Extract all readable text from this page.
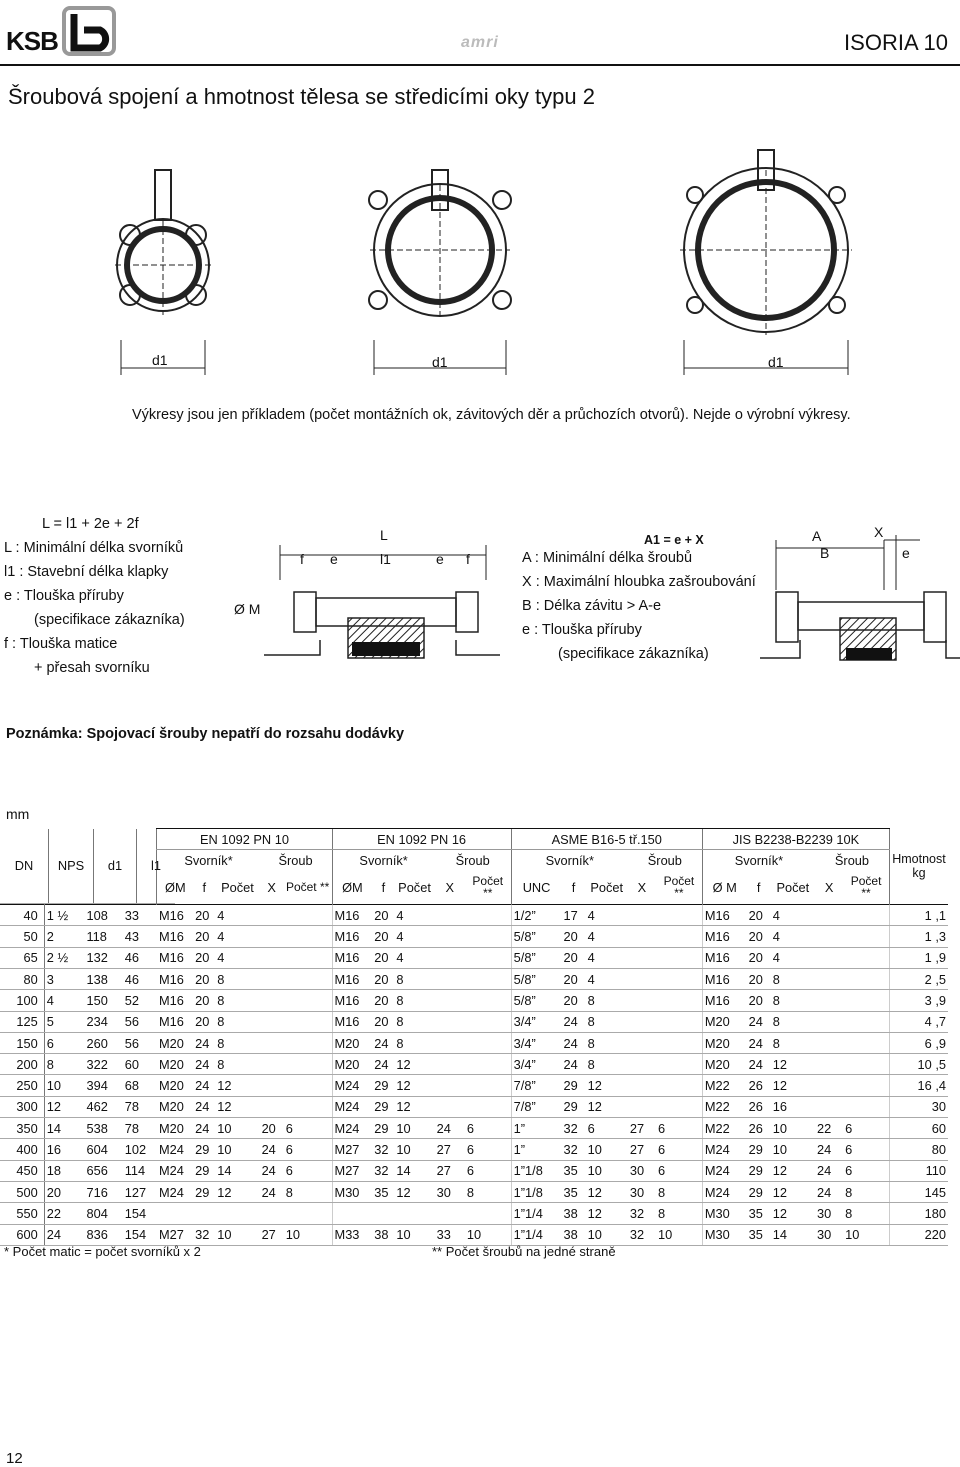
KSB	amri	ISORIA 10
Šroubová spojení a hmotnost tělesa se středicími oky typu 2
d1	d1	d1
Výkresy jsou jen příkladem (počet montážních ok, závitových děr a průchozích otvorů). Nejde o výrobní výkresy.
L = l1 + 2e + 2f
L : Minimální délka svorníků
l1 : Stavební délka klapky
e : Tlouška příruby
(specifikace zákazníka)
f : Tlouška matice
+ přesah svorníku
L
f e	l1	e f
Ø M
A1 = e + X
A : Minimální délka šroubů
X : Maximální hloubka zašroubování
B : Délka závitu > A-e
e : Tlouška příruby
(specifikace zákazníka)
A	X
B	e
Poznámka: Spojovací šrouby nepatří do rozsahu dodávky
mm
DN	NPS	d1	l1
	EN 1092 PN 10	EN 1092 PN 16	ASME B16-5 tř.150	JIS B2238-B2239 10K	Hmotnost kg
Svorník*	Šroub	Svorník*	Šroub	Svorník*	Šroub	Svorník*	Šroub
ØM	f	Počet	X	Počet **	ØM	f	Počet	X	Počet **	UNC	f	Počet	X	Počet **	Ø M	f	Počet	X	Počet **
40	1 ½	108	33	M16	20	4			M16	20	4			1/2”	17	4			M16	20	4			1 ,1
50	2	118	43	M16	20	4			M16	20	4			5/8”	20	4			M16	20	4			1 ,3
65	2 ½	132	46	M16	20	4			M16	20	4			5/8”	20	4			M16	20	4			1 ,9
80	3	138	46	M16	20	8			M16	20	8			5/8”	20	4			M16	20	8			2 ,5
100	4	150	52	M16	20	8			M16	20	8			5/8”	20	8			M16	20	8			3 ,9
125	5	234	56	M16	20	8			M16	20	8			3/4”	24	8			M20	24	8			4 ,7
150	6	260	56	M20	24	8			M20	24	8			3/4”	24	8			M20	24	8			6 ,9
200	8	322	60	M20	24	8			M20	24	12			3/4”	24	8			M20	24	12			10 ,5
250	10	394	68	M20	24	12			M24	29	12			7/8”	29	12			M22	26	12			16 ,4
300	12	462	78	M20	24	12			M24	29	12			7/8”	29	12			M22	26	16			30
350	14	538	78	M20	24	10	20	6	M24	29	10	24	6	1”	32	6	27	6	M22	26	10	22	6	60
400	16	604	102	M24	29	10	24	6	M27	32	10	27	6	1”	32	10	27	6	M24	29	10	24	6	80
450	18	656	114	M24	29	14	24	6	M27	32	14	27	6	1”1/8	35	10	30	6	M24	29	12	24	6	110
500	20	716	127	M24	29	12	24	8	M30	35	12	30	8	1”1/8	35	12	30	8	M24	29	12	24	8	145
550	22	804	154											1”1/4	38	12	32	8	M30	35	12	30	8	180
600	24	836	154	M27	32	10	27	10	M33	38	10	33	10	1”1/4	38	10	32	10	M30	35	14	30	10	220
* Počet matic = počet svorníků x 2	** Počet šroubů na jedné straně
12
